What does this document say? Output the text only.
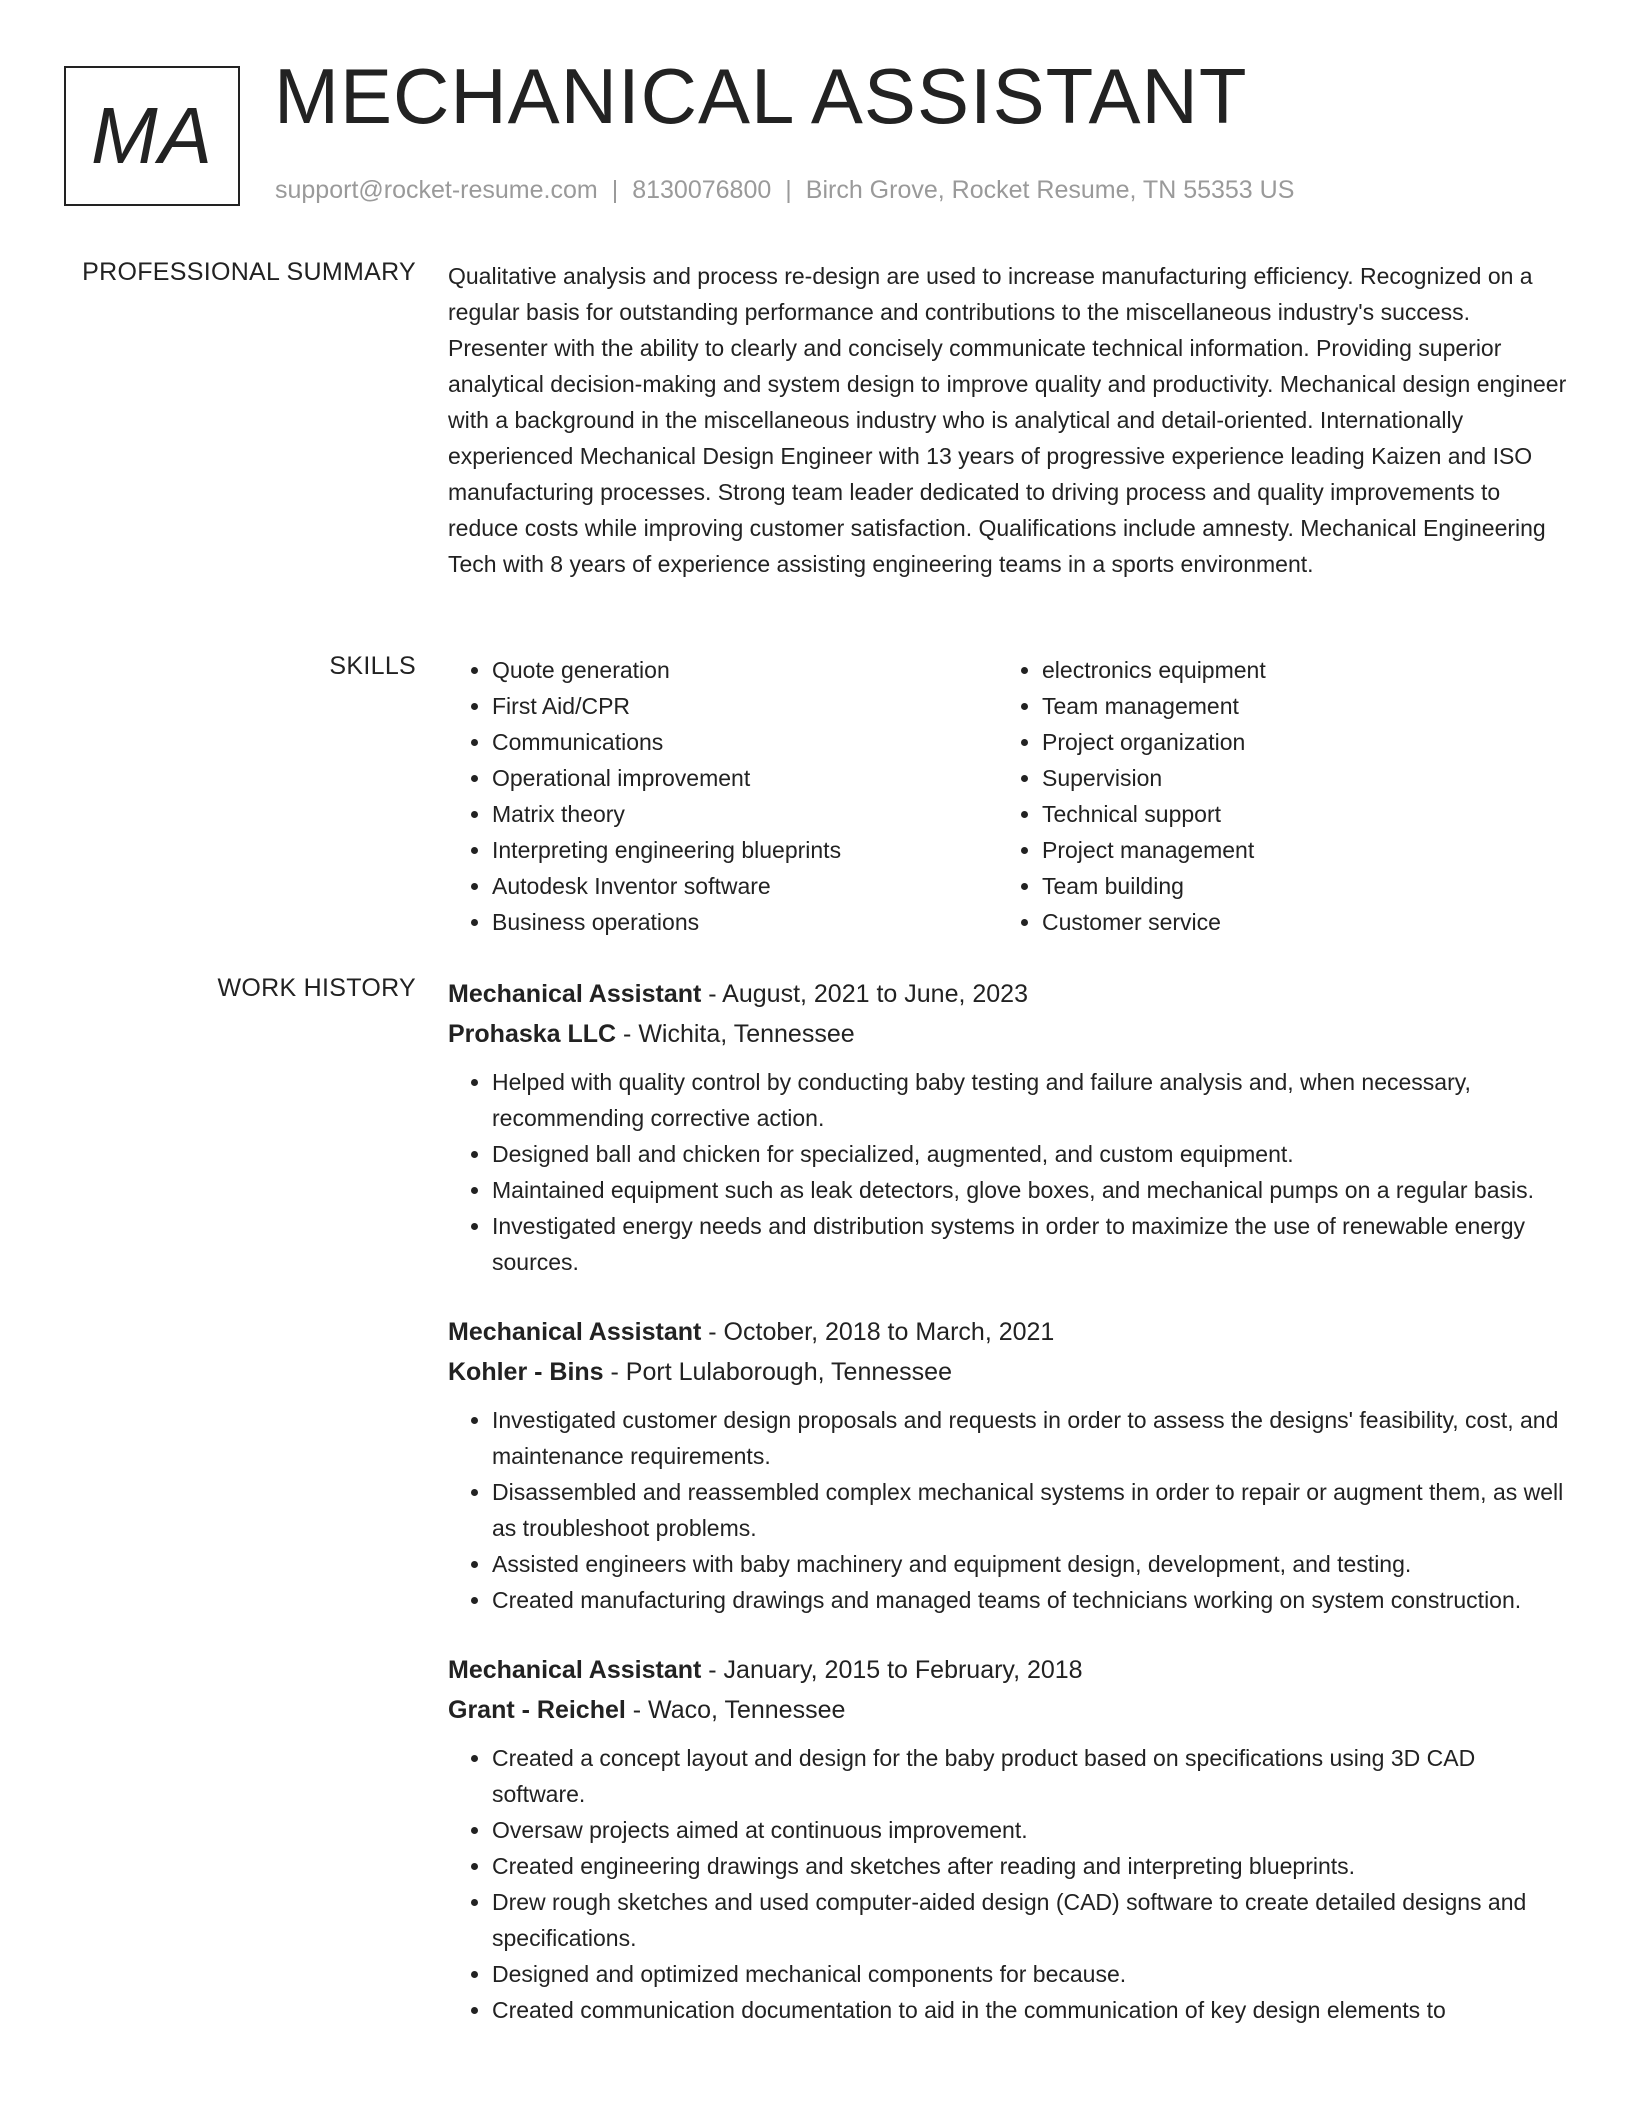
MA MECHANICAL ASSISTANT
support@rocket-resume.com | 8130076800 | Birch Grove, Rocket Resume, TN 55353 US
PROFESSIONAL SUMMARY Qualitative analysis and process re-design are used to increase manufacturing efficiency. Recognized on a regular basis for outstanding performance and contributions to the miscellaneous industry's success. Presenter with the ability to clearly and concisely communicate technical information. Providing superior analytical decision-making and system design to improve quality and productivity. Mechanical design engineer with a background in the miscellaneous industry who is analytical and detail-oriented. Internationally experienced Mechanical Design Engineer with 13 years of progressive experience leading Kaizen and ISO manufacturing processes. Strong team leader dedicated to driving process and quality improvements to reduce costs while improving customer satisfaction. Qualifications include amnesty. Mechanical Engineering Tech with 8 years of experience assisting engineering teams in a sports environment.

SKILLS
•	Quote generation
• First Aid/CPR
• Communications
• Operational improvement
• Matrix theory
• Interpreting engineering blueprints
• Autodesk Inventor software
• Business operations
• electronics equipment
• Team management
• Project organization
• Supervision
• Technical support
• Project management
• Team building
• Customer service
WORK HISTORY Mechanical Assistant - August, 2021 to June, 2023
Prohaska LLC - Wichita, Tennessee
• Helped with quality control by conducting baby testing and failure analysis and, when necessary, recommending corrective action.
• Designed ball and chicken for specialized, augmented, and custom equipment.
• Maintained equipment such as leak detectors, glove boxes, and mechanical pumps on a regular basis.
• Investigated energy needs and distribution systems in order to maximize the use of renewable energy sources.
Mechanical Assistant - October, 2018 to March, 2021
Kohler - Bins - Port Lulaborough, Tennessee
• Investigated customer design proposals and requests in order to assess the designs' feasibility, cost, and maintenance requirements.
• Disassembled and reassembled complex mechanical systems in order to repair or augment them, as well as troubleshoot problems.
• Assisted engineers with baby machinery and equipment design, development, and testing.
• Created manufacturing drawings and managed teams of technicians working on system construction.
Mechanical Assistant - January, 2015 to February, 2018
Grant - Reichel - Waco, Tennessee
• Created a concept layout and design for the baby product based on specifications using 3D CAD software.
• Oversaw projects aimed at continuous improvement.
• Created engineering drawings and sketches after reading and interpreting blueprints.
• Drew rough sketches and used computer-aided design (CAD) software to create detailed designs and specifications.
• Designed and optimized mechanical components for because.
• Created communication documentation to aid in the communication of key design elements to
